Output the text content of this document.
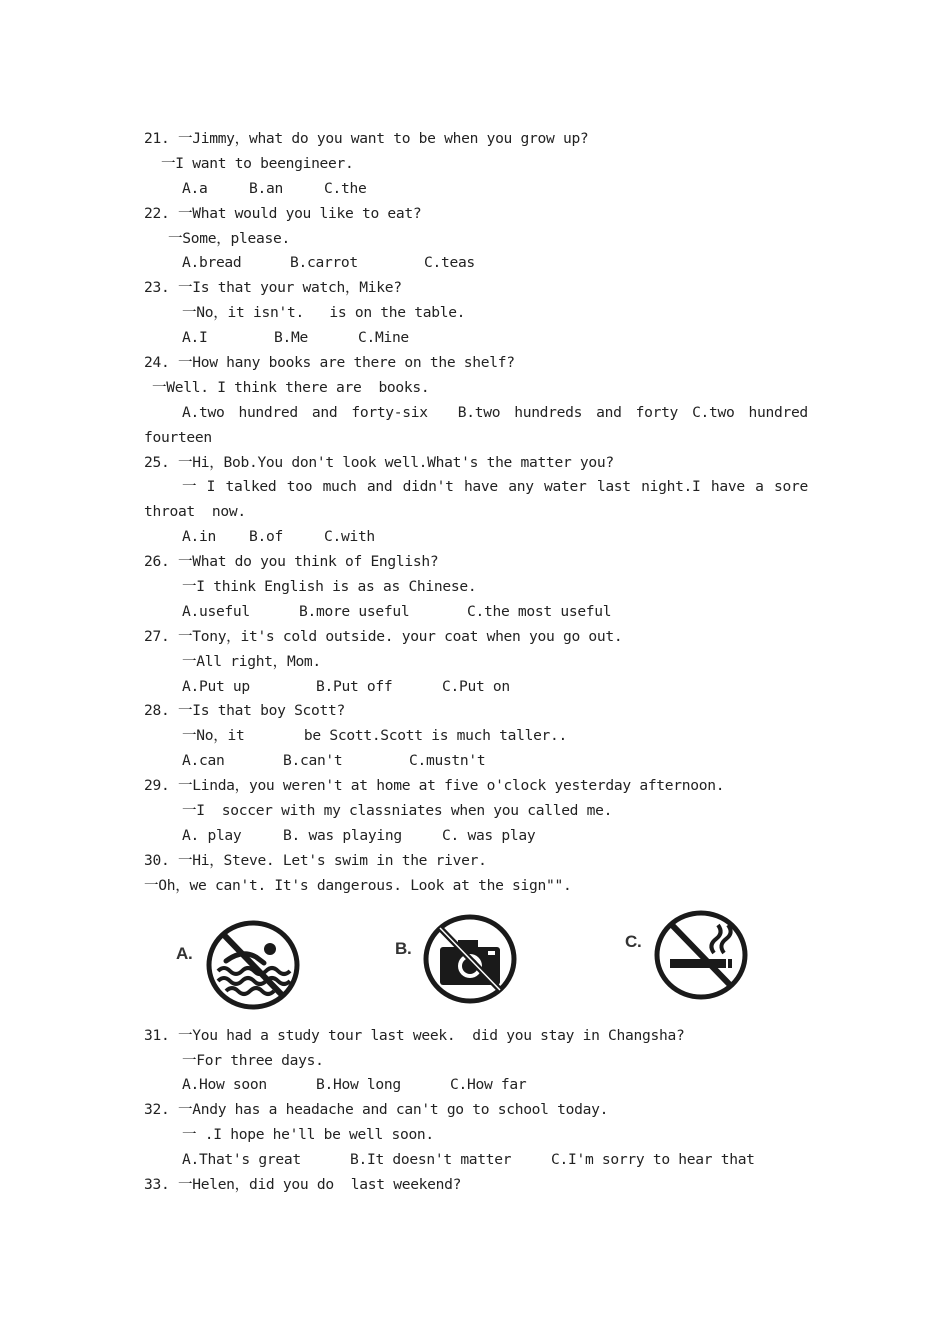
21. 一Jimmy，what do you want to be when you grow up?
一I want to beengineer.
A.a	B.an	C.the
22. 一What would you like to eat?
一Some，please.
A.bread	B.carrot	C.teas
23. 一Is that your watch，Mike?
一No，it isn't.   is on the table.
A.I	B.Me	C.Mine
24. 一How hany books are there on the shelf?
一Well. I think there are  books.
A.two hundred and forty-six B.two hundreds and forty C.two hundred
fourteen
25. 一Hi，Bob.You don't look well.What's the matter you?
一 I talked too much and didn't have any water last night.I have a sore
throat  now.
A.in	B.of	C.with
26. 一What do you think of English?
一I think English is as as Chinese.
A.useful	B.more useful	C.the most useful
27. 一Tony，it's cold outside. your coat when you go out.
一All right，Mom.
A.Put up	B.Put off	C.Put on
28. 一Is that boy Scott?
一No，it       be Scott.Scott is much taller..
A.can	B.can't	C.mustn't
29. 一Linda，you weren't at home at five o'clock yesterday afternoon.
一I  soccer with my classniates when you called me.
A. play	B. was playing	C. was play
30. 一Hi，Steve. Let's swim in the river.
一Oh，we can't. It's dangerous. Look at the sign"".
A.	B.	C.
31. 一You had a study tour last week.  did you stay in Changsha?
一For three days.
A.How soon	B.How long	C.How far
32. 一Andy has a headache and can't go to school today.
一 .I hope he'll be well soon.
A.That's great	B.It doesn't matter	C.I'm sorry to hear that
33. 一Helen，did you do  last weekend?
